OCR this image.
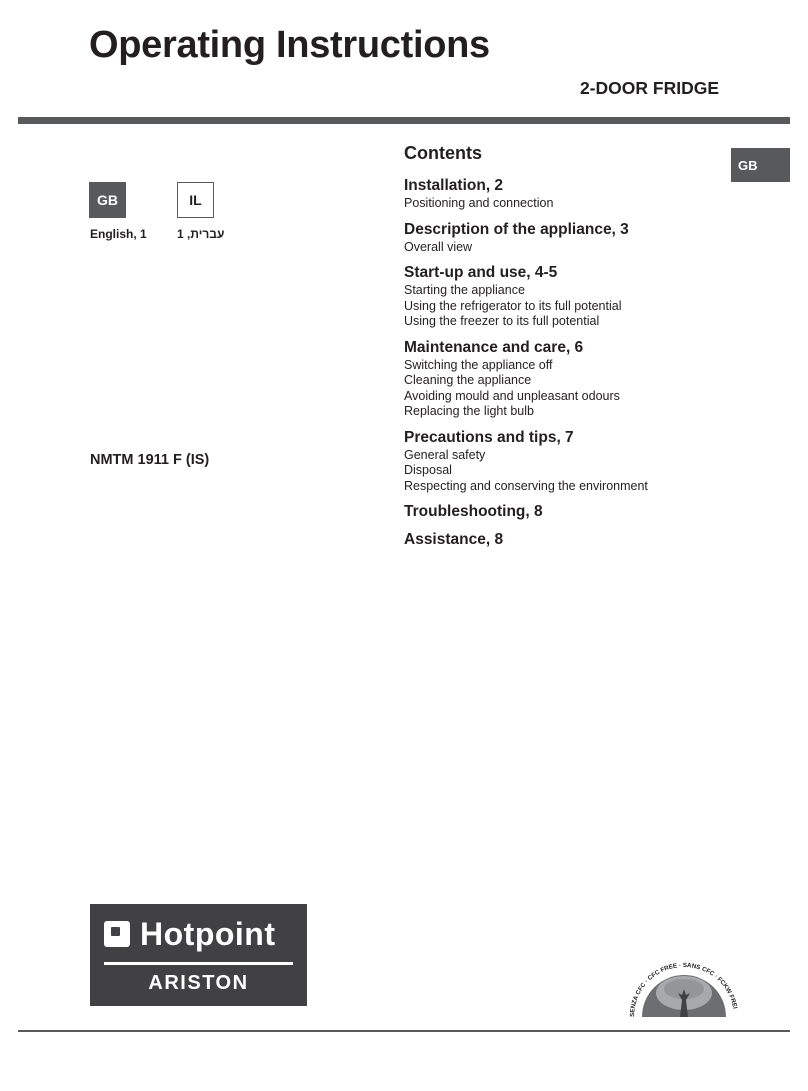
Operating Instructions
2-DOOR FRIDGE
GB
GB	IL
English, 1	עברית, 1
NMTM 1911 F (IS)
Contents
Installation, 2
Positioning and connection
Description of the appliance, 3
Overall view
Start-up and use, 4-5
Starting the appliance
Using the refrigerator to its full potential
Using the freezer to its full potential
Maintenance and care, 6
Switching the appliance off
Cleaning the appliance
Avoiding mould and unpleasant odours
Replacing the light bulb
Precautions and tips, 7
General safety
Disposal
Respecting and conserving the environment
Troubleshooting, 8
Assistance, 8
Hotpoint
ARISTON
SENZA CFC · CFC FREE · SANS CFC · FCKW FREI
